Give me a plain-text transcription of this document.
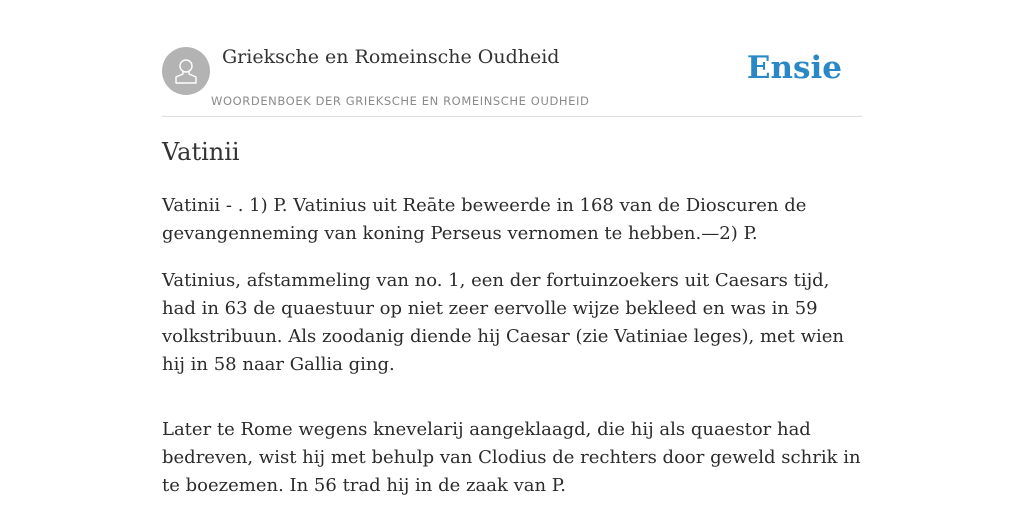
Grieksche en Romeinsche Oudheid
WOORDENBOEK DER GRIEKSCHE EN ROMEINSCHE OUDHEID
Ensie
Vatinii

Vatinii - . 1) P. Vatinius uit Reāte beweerde in 168 van de Dioscuren de gevangenneming van koning Perseus vernomen te hebben.—2) P.

Vatinius, afstammeling van no. 1, een der fortuinzoekers uit Caesars tijd, had in 63 de quaestuur op niet zeer eervolle wijze bekleed en was in 59 volkstribuun. Als zoodanig diende hij Caesar (zie Vatiniae leges), met wien hij in 58 naar Gallia ging.

Later te Rome wegens knevelarij aangeklaagd, die hij als quaestor had bedreven, wist hij met behulp van Clodius de rechters door geweld schrik in te boezemen. In 56 trad hij in de zaak van P.
